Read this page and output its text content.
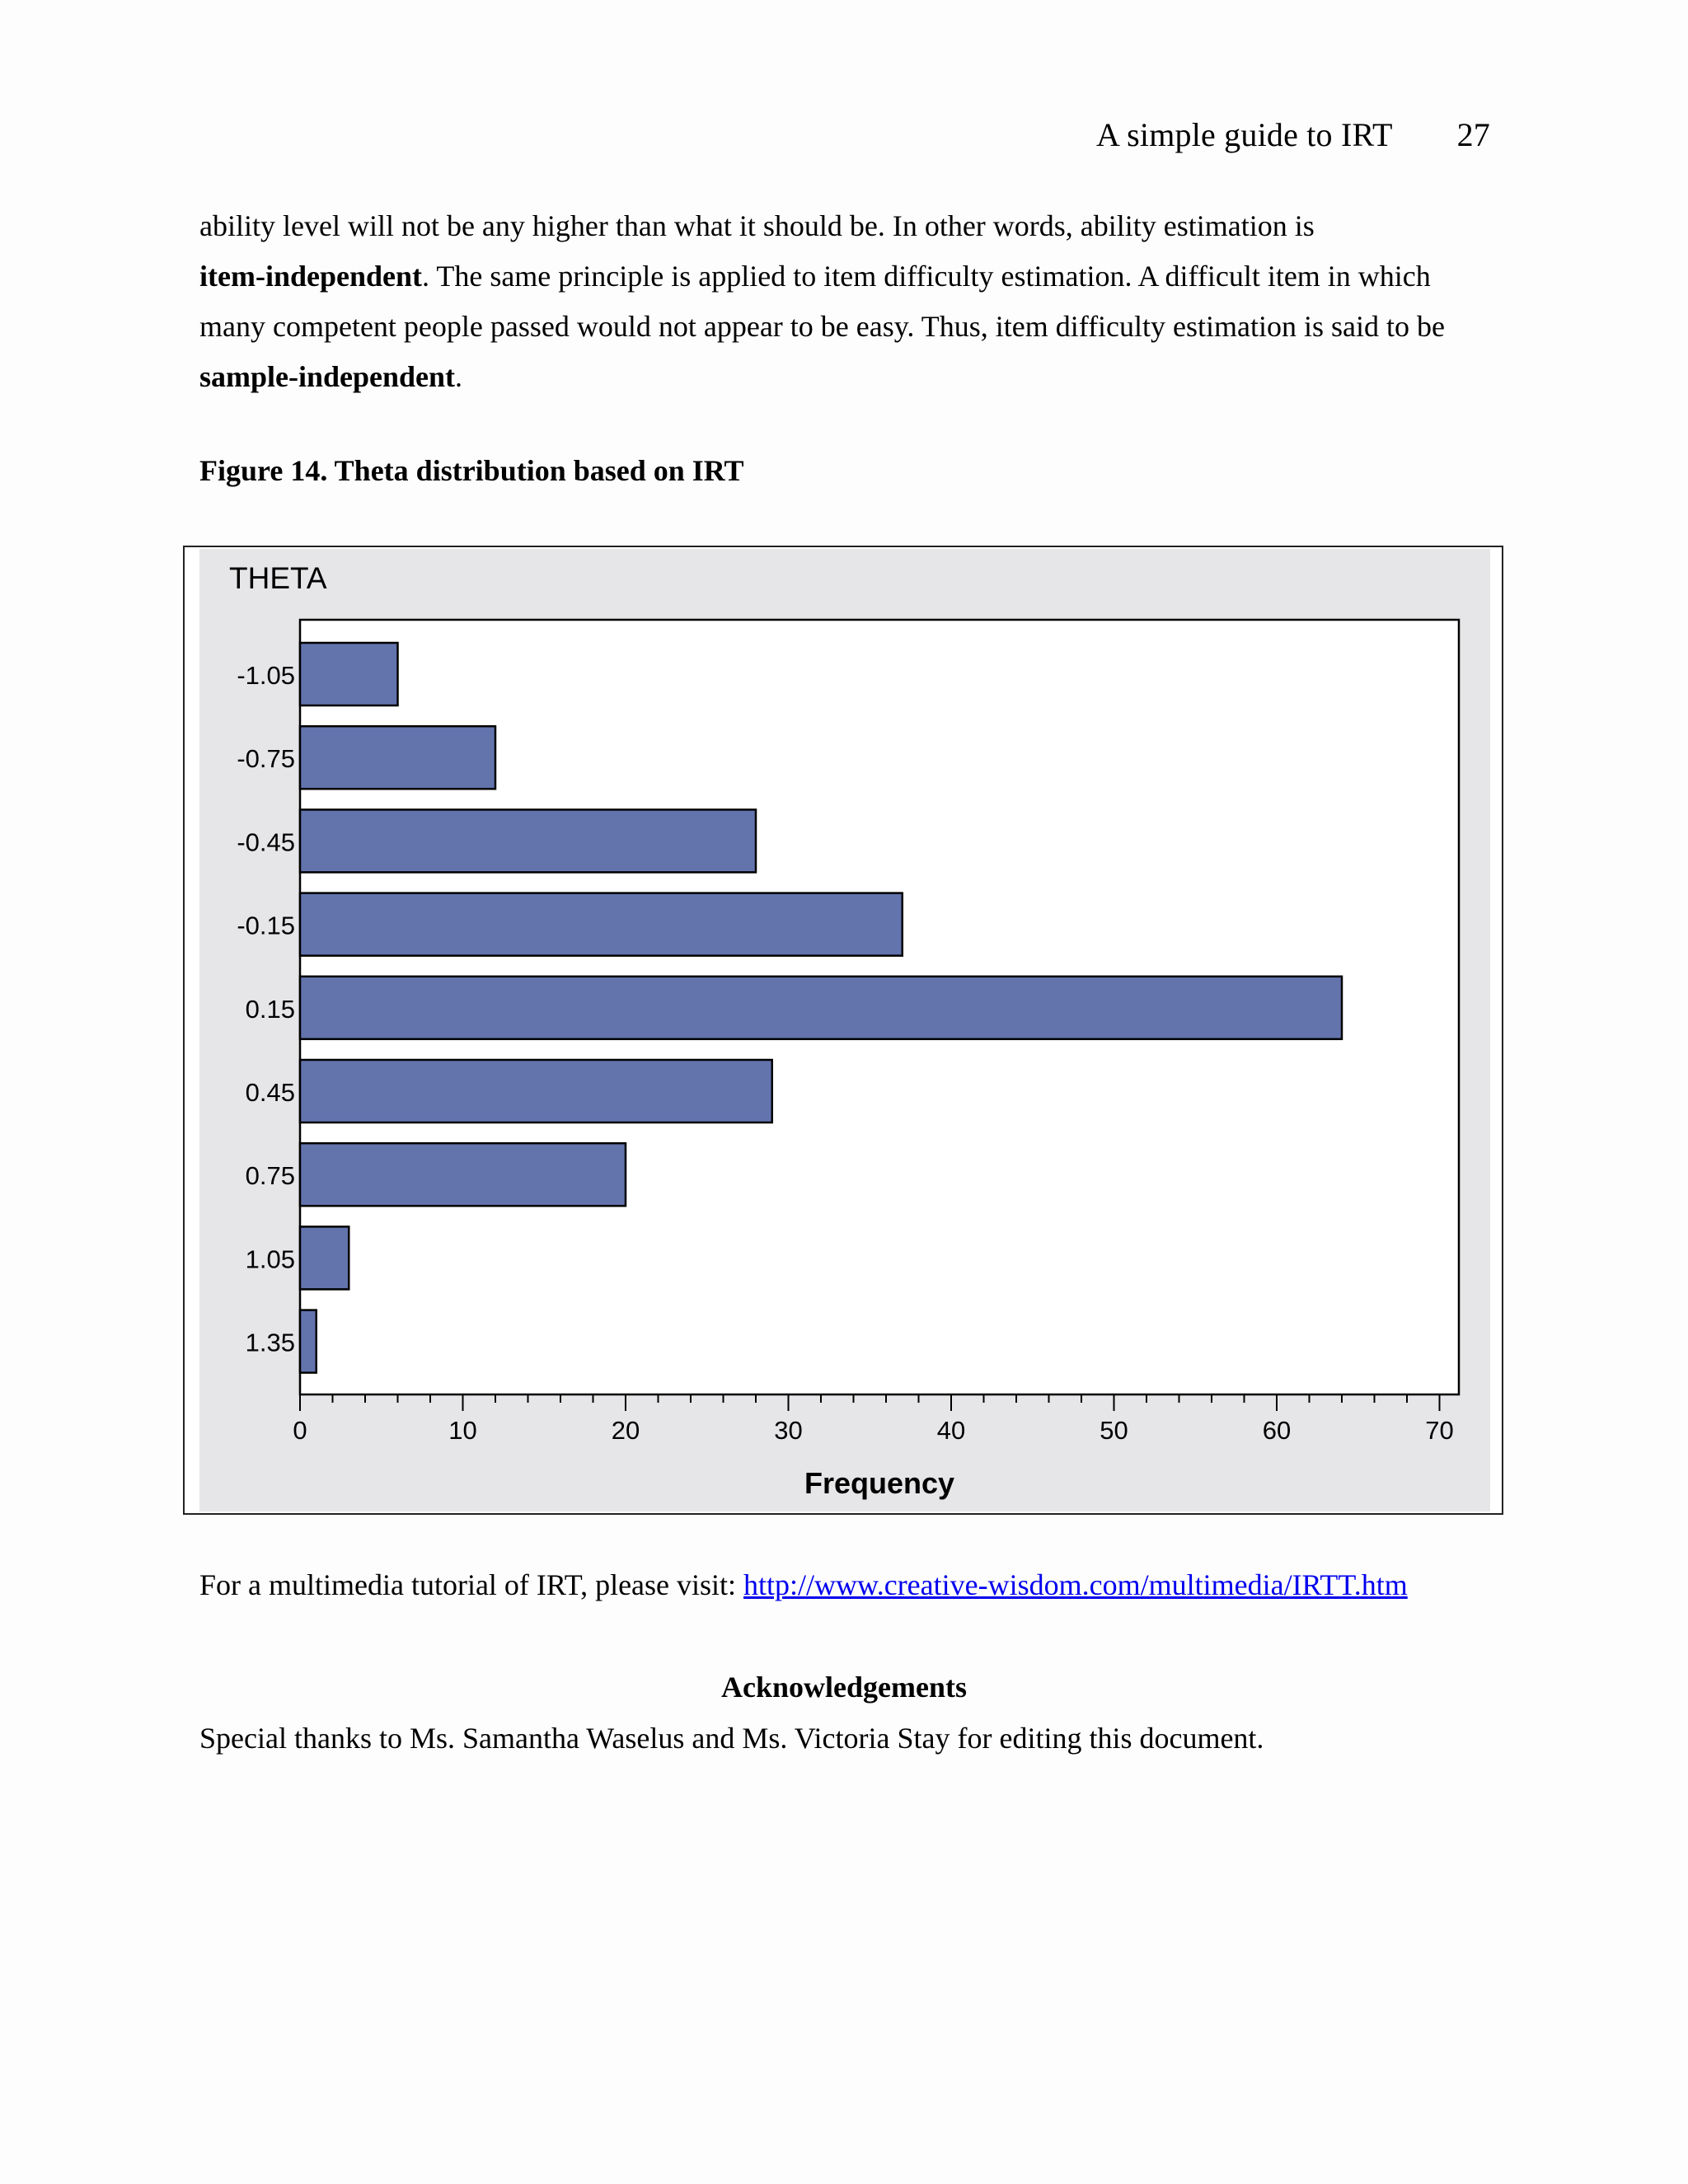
A simple guide to IRT 27
ability level will not be any higher than what it should be. In other words, ability estimation is
item-independent. The same principle is applied to item difficulty estimation. A difficult item in which
many competent people passed would not appear to be easy. Thus, item difficulty estimation is said to be
sample-independent.
Figure 14. Theta distribution based on IRT
THETA
-1.05
-0.75
-0.45
-0.15
0.15
0.45
0.75
1.05
1.35
0	10	20	30	40	50	60	70
Frequency
For a multimedia tutorial of IRT, please visit: http://www.creative-wisdom.com/multimedia/IRTT.htm
Acknowledgements
Special thanks to Ms. Samantha Waselus and Ms. Victoria Stay for editing this document.
